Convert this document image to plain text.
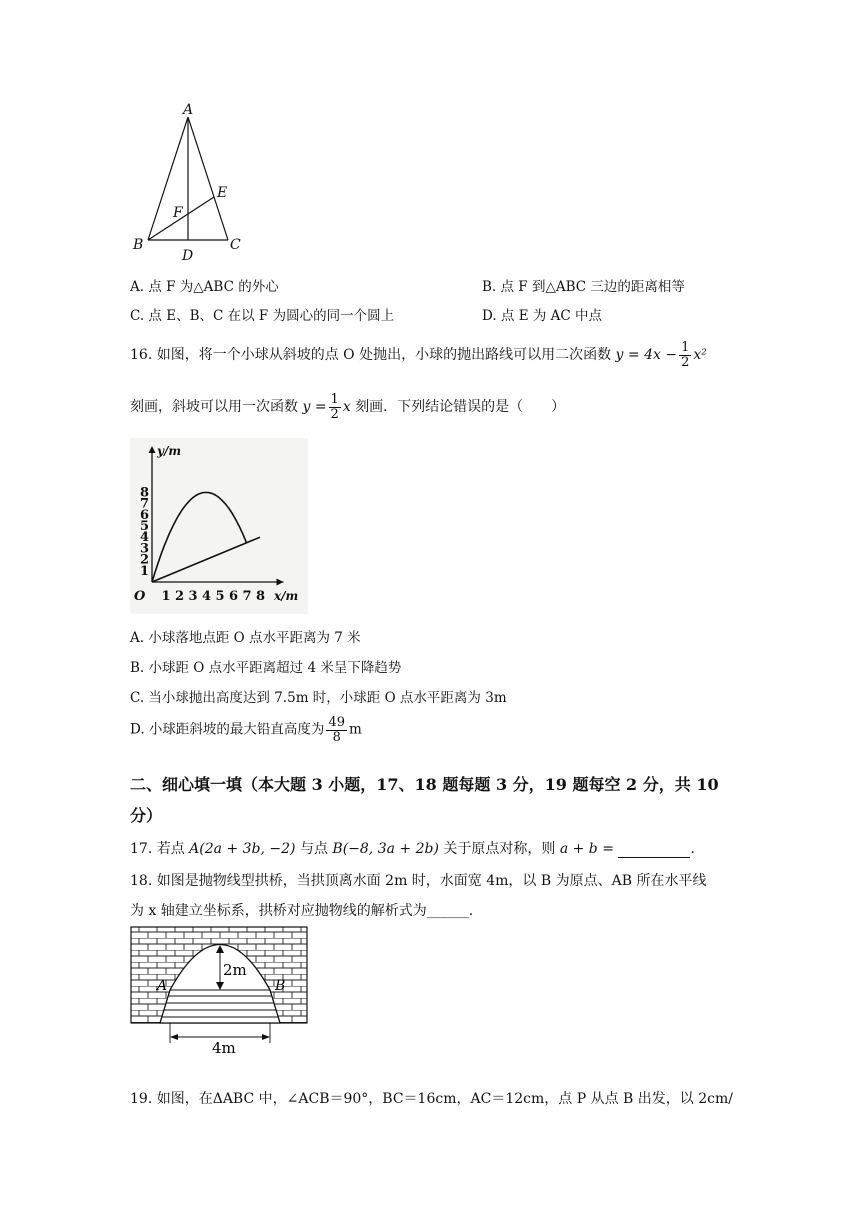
A
E
F
B
D
C
A. 点 F 为△ABC 的外心	B. 点 F 到△ABC 三边的距离相等
C. 点 E、B、C 在以 F 为圆心的同一个圆上	D. 点 E 为 AC 中点
16. 如图，将一个小球从斜坡的点 O 处抛出，小球的抛出路线可以用二次函数 $y = 4x - \frac{1}{2} x^2$
刻画，斜坡可以用一次函数 $y = \frac{1}{2}$ x 刻画．下列结论错误的是（　　）
1 2 3 4 5 6 7 8
1
2
3
4
5
6
7
8
O
y/m
x/m
A. 小球落地点距 O 点水平距离为 7 米
B. 小球距 O 点水平距离超过 4 米呈下降趋势
C. 当小球抛出高度达到 7.5m 时，小球距 O 点水平距离为 3m
D. 小球距斜坡的最大铅直高度为 $\frac{49}{8}$ m
二、细心填一填（本大题 3 小题，17、18 题每题 3 分，19 题每空 2 分，共 10
分）
17. 若点 A(2a + 3b, −2) 与点 B(−8, 3a + 2b) 关于原点对称，则 a + b =	.
18. 如图是抛物线型拱桥，当拱顶离水面 2m 时，水面宽 4m，以 B 为原点、AB 所在水平线
为 x 轴建立坐标系，拱桥对应抛物线的解析式为______.
2m
A	B
4m
19. 如图，在ΔABC 中，∠ACB＝90°，BC＝16cm，AC＝12cm，点 P 从点 B 出发，以 2cm/
